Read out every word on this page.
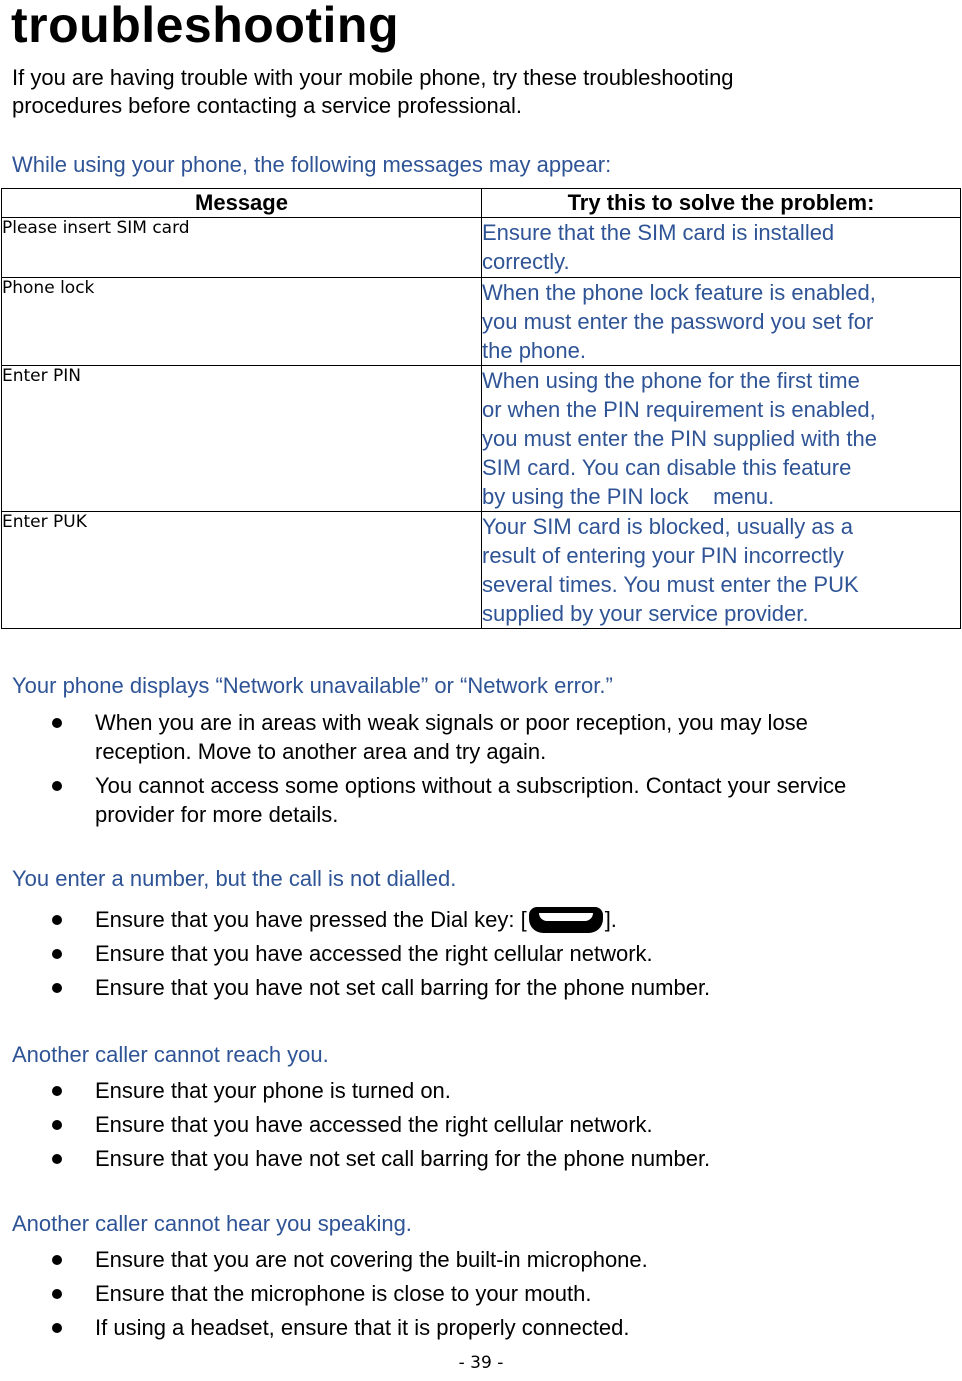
troubleshooting

If you are having trouble with your mobile phone, try these troubleshooting
procedures before contacting a service professional.

While using your phone, the following messages may appear:

Message	Try this to solve the problem:
Please insert SIM card	Ensure that the SIM card is installed
correctly.
Phone lock	When the phone lock feature is enabled,
you must enter the password you set for
the phone.
Enter PIN	When using the phone for the first time
or when the PIN requirement is enabled,
you must enter the PIN supplied with the
SIM card. You can disable this feature
by using the PIN lock    menu.
Enter PUK	Your SIM card is blocked, usually as a
result of entering your PIN incorrectly
several times. You must enter the PUK
supplied by your service provider.

Your phone displays “Network unavailable” or “Network error.”

When you are in areas with weak signals or poor reception, you may lose
reception. Move to another area and try again.
You cannot access some options without a subscription. Contact your service
provider for more details.

You enter a number, but the call is not dialled.

Ensure that you have pressed the Dial key: [	].
Ensure that you have accessed the right cellular network.
Ensure that you have not set call barring for the phone number.

Another caller cannot reach you.

Ensure that your phone is turned on.
Ensure that you have accessed the right cellular network.
Ensure that you have not set call barring for the phone number.

Another caller cannot hear you speaking.

Ensure that you are not covering the built-in microphone.
Ensure that the microphone is close to your mouth.
If using a headset, ensure that it is properly connected.
- 39 -
